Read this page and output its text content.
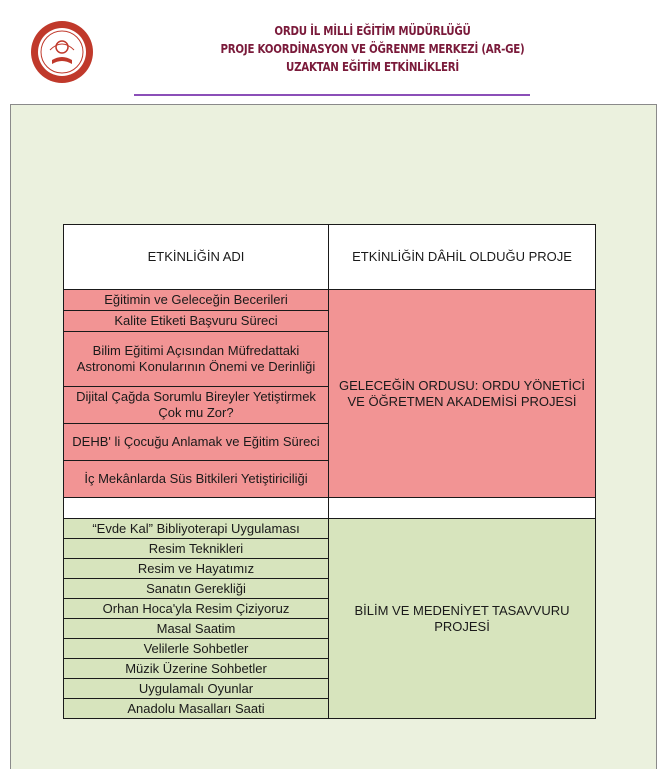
ORDU İL MİLLİ EĞİTİM MÜDÜRLÜĞÜ
PROJE KOORDİNASYON VE ÖĞRENME MERKEZİ (AR-GE)
UZAKTAN EĞİTİM ETKİNLİKLERİ
ETKİNLİĞİN ADI	ETKİNLİĞİN DÂHİL OLDUĞU PROJE
Eğitimin ve Geleceğin Becerileri	GELECEĞİN ORDUSU: ORDU YÖNETİCİ VE ÖĞRETMEN AKADEMİSİ PROJESİ
Kalite Etiketi Başvuru Süreci	
Bilim Eğitimi Açısından Müfredattaki Astronomi Konularının Önemi ve Derinliği	
Dijital Çağda Sorumlu Bireyler Yetiştirmek Çok mu Zor?	
DEHB' li Çocuğu Anlamak ve Eğitim Süreci	
İç Mekânlarda Süs Bitkileri Yetiştiriciliği	

“Evde Kal” Bibliyoterapi Uygulaması	BİLİM VE MEDENİYET TASAVVURU PROJESİ
Resim Teknikleri	
Resim ve Hayatımız	
Sanatın Gerekliği	
Orhan Hoca'yla Resim Çiziyoruz	
Masal Saatim	
Velilerle Sohbetler	
Müzik Üzerine Sohbetler	
Uygulamalı Oyunlar	
Anadolu Masalları Saati	
